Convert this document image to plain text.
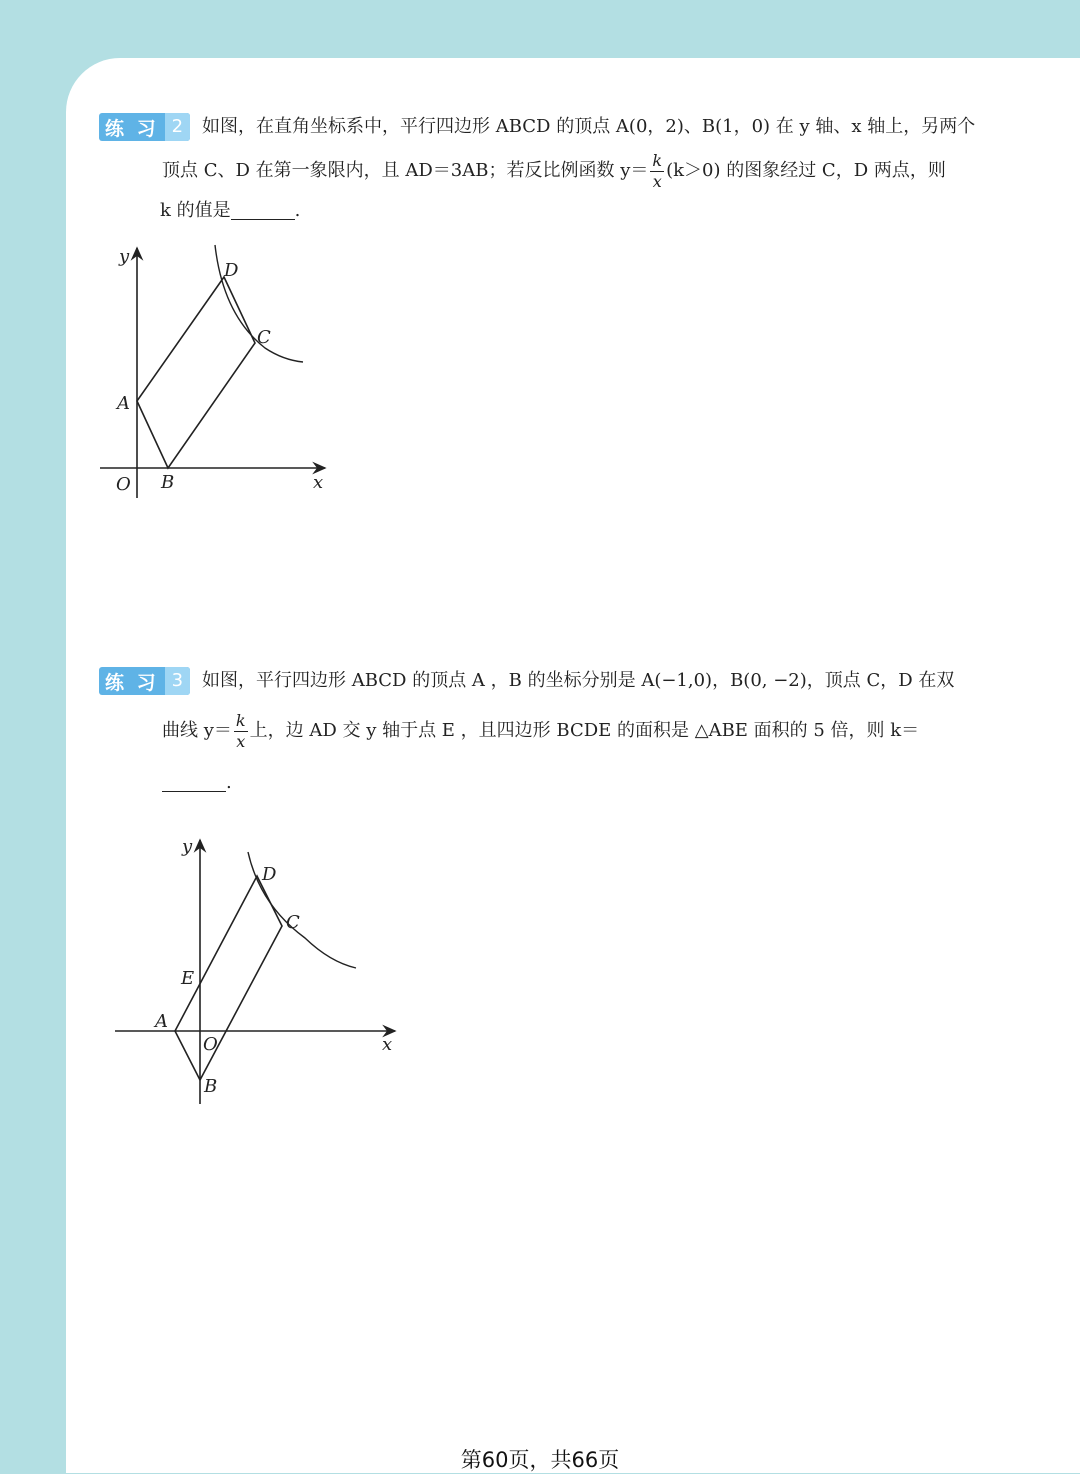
练 习 2	如图，在直角坐标系中，平行四边形 ABCD 的顶点 A(0，2)、B(1，0) 在 y 轴、x 轴上，另两个
顶点 C、D 在第一象限内，且 AD＝3AB；若反比例函数 $y= \frac{k}{x} (k>0)$ 的图象经过 C，D 两点，则
k 的值是	.
y
x
O
A
B
C
D
练 习 3	如图，平行四边形 ABCD 的顶点 A ，B 的坐标分别是 A(−1,0)，B(0, −2)，顶点 C，D 在双
曲线 $y= \frac{k}{x}$ 上，边 AD 交 y 轴于点 E ，且四边形 BCDE 的面积是 △ABE 面积的 5 倍，则 k＝
.
y
x
O
A
B
C
D
E
第60页，共66页
